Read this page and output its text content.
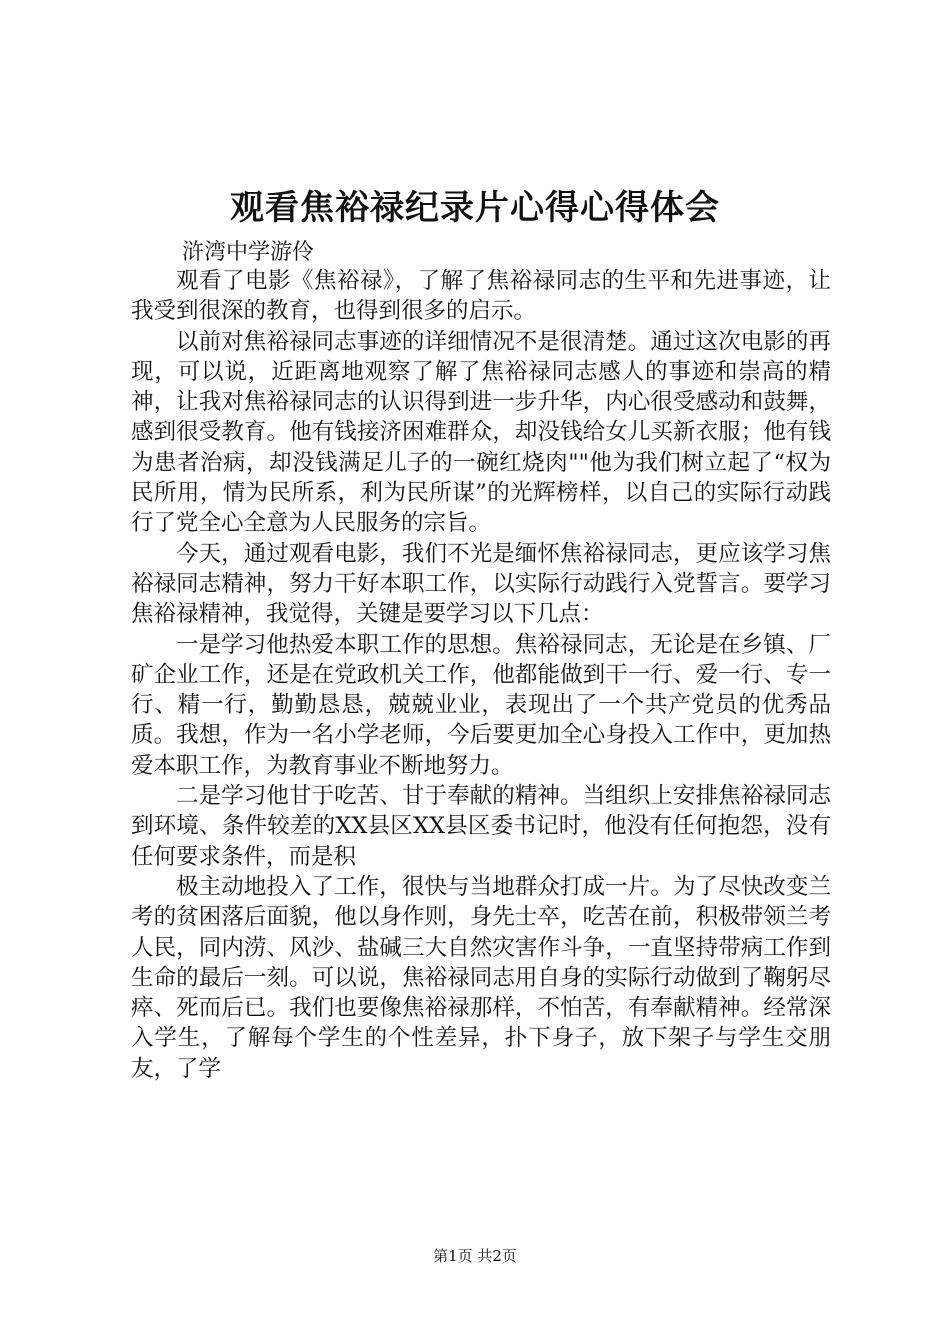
观看焦裕禄纪录片心得心得体会
浒湾中学游伶

观看了电影《焦裕禄》，了解了焦裕禄同志的生平和先进事迹，让我受到很深的教育，也得到很多的启示。

以前对焦裕禄同志事迹的详细情况不是很清楚。通过这次电影的再现，可以说，近距离地观察了解了焦裕禄同志感人的事迹和崇高的精神，让我对焦裕禄同志的认识得到进一步升华，内心很受感动和鼓舞，感到很受教育。他有钱接济困难群众，却没钱给女儿买新衣服；他有钱为患者治病，却没钱满足儿子的一碗红烧肉""他为我们树立起了“权为民所用，情为民所系，利为民所谋”的光辉榜样，以自己的实际行动践行了党全心全意为人民服务的宗旨。

今天，通过观看电影，我们不光是缅怀焦裕禄同志，更应该学习焦裕禄同志精神，努力干好本职工作，以实际行动践行入党誓言。要学习焦裕禄精神，我觉得，关键是要学习以下几点：

一是学习他热爱本职工作的思想。焦裕禄同志，无论是在乡镇、厂矿企业工作，还是在党政机关工作，他都能做到干一行、爱一行、专一行、精一行，勤勤恳恳，兢兢业业，表现出了一个共产党员的优秀品质。我想，作为一名小学老师，今后要更加全心身投入工作中，更加热爱本职工作，为教育事业不断地努力。

二是学习他甘于吃苦、甘于奉献的精神。当组织上安排焦裕禄同志到环境、条件较差的XX县区XX县区委书记时，他没有任何抱怨，没有任何要求条件，而是积

极主动地投入了工作，很快与当地群众打成一片。为了尽快改变兰考的贫困落后面貌，他以身作则，身先士卒，吃苦在前，积极带领兰考人民，同内涝、风沙、盐碱三大自然灾害作斗争，一直坚持带病工作到生命的最后一刻。可以说，焦裕禄同志用自身的实际行动做到了鞠躬尽瘁、死而后已。我们也要像焦裕禄那样，不怕苦，有奉献精神。经常深入学生，了解每个学生的个性差异，扑下身子，放下架子与学生交朋友，了学

第1页 共2页
